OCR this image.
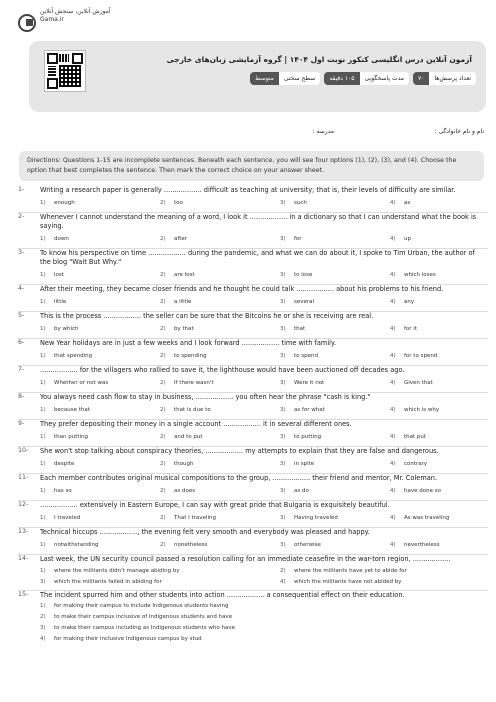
آموزش آنلاین، سنجش آنلاین
Gama.ir
آزمون آنلاین درس انگلیسی کنکور نوبت اول ۱۴۰۴ | گروه آزمایشی زبان‌های خارجی
تعداد پرسش‌ها
۷۰
مدت پاسخگویی
۱۰۵ دقیقه
سطح سختی
متوسط
نام و نام خانوادگی :
مدرسه :
Directions: Questions 1-15 are incomplete sentences. Beneath each sentence, you will see four options (1), (2), (3), and (4). Choose the option that best completes the sentence. Then mark the correct choice on your answer sheet.
1- Writing a research paper is generally .................. difficult as teaching at university; that is, their levels of difficulty are similar.
1)	enough	2)	too	3)	such	4)	as
2- Whenever I cannot understand the meaning of a word, I look it .................. in a dictionary so that I can understand what the book is saying.
1)	down	2)	after	3)	for	4)	up
3- To know his perspective on time .................. during the pandemic, and what we can do about it, I spoke to Tim Urban, the author of the blog "Wait But Why."
1)	lost	2)	are lost	3)	to lose	4)	which loses
4- After their meeting, they became closer friends and he thought he could talk .................. about his problems to his friend.
1)	little	2)	a little	3)	several	4)	any
5- This is the process .................. the seller can be sure that the Bitcoins he or she is receiving are real.
1)	by which	2)	by that	3)	that	4)	for it
6- New Year holidays are in just a few weeks and I look forward .................. time with family.
1)	that spending	2)	to spending	3)	to spend	4)	for to spend
7- .................. for the villagers who rallied to save it, the lighthouse would have been auctioned off decades ago.
1)	Whether or not was	2)	If there wasn't	3)	Were it not	4)	Given that
8- You always need cash flow to stay in business, .................. you often hear the phrase "cash is king."
1)	because that	2)	that is due to	3)	as for what	4)	which is why
9- They prefer depositing their money in a single account .................. it in several different ones.
1)	than putting	2)	and to put	3)	to putting	4)	that put
10- She won't stop talking about conspiracy theories, .................. my attempts to explain that they are false and dangerous.
1)	despite	2)	though	3)	in spite	4)	contrary
11- Each member contributes original musical compositions to the group, .................. their friend and mentor, Mr. Coleman.
1)	has so	2)	as does	3)	as do	4)	have done so
12- .................. extensively in Eastern Europe, I can say with great pride that Bulgaria is exquisitely beautiful.
1)	I traveled	2)	That I traveling	3)	Having traveled	4)	As was traveling
13- Technical hiccups .................., the evening felt very smooth and everybody was pleased and happy.
1)	notwithstanding	2)	nonetheless	3)	otherwise	4)	nevertheless
14- Last week, the UN security council passed a resolution calling for an immediate ceasefire in the war-torn region, ..................
1)	where the militants didn't manage abiding by	2)	where the militants have yet to abide for
3)	which the militants failed in abiding for	4)	which the militants have not abided by
15- The incident spurred him and other students into action .................. a consequential effect on their education.
1)	for making their campus to include Indigenous students having
2)	to make their campus inclusive of Indigenous students and have
3)	to make their campus including as Indigenous students who have
4)	for making their inclusive Indigenous campus by stud
